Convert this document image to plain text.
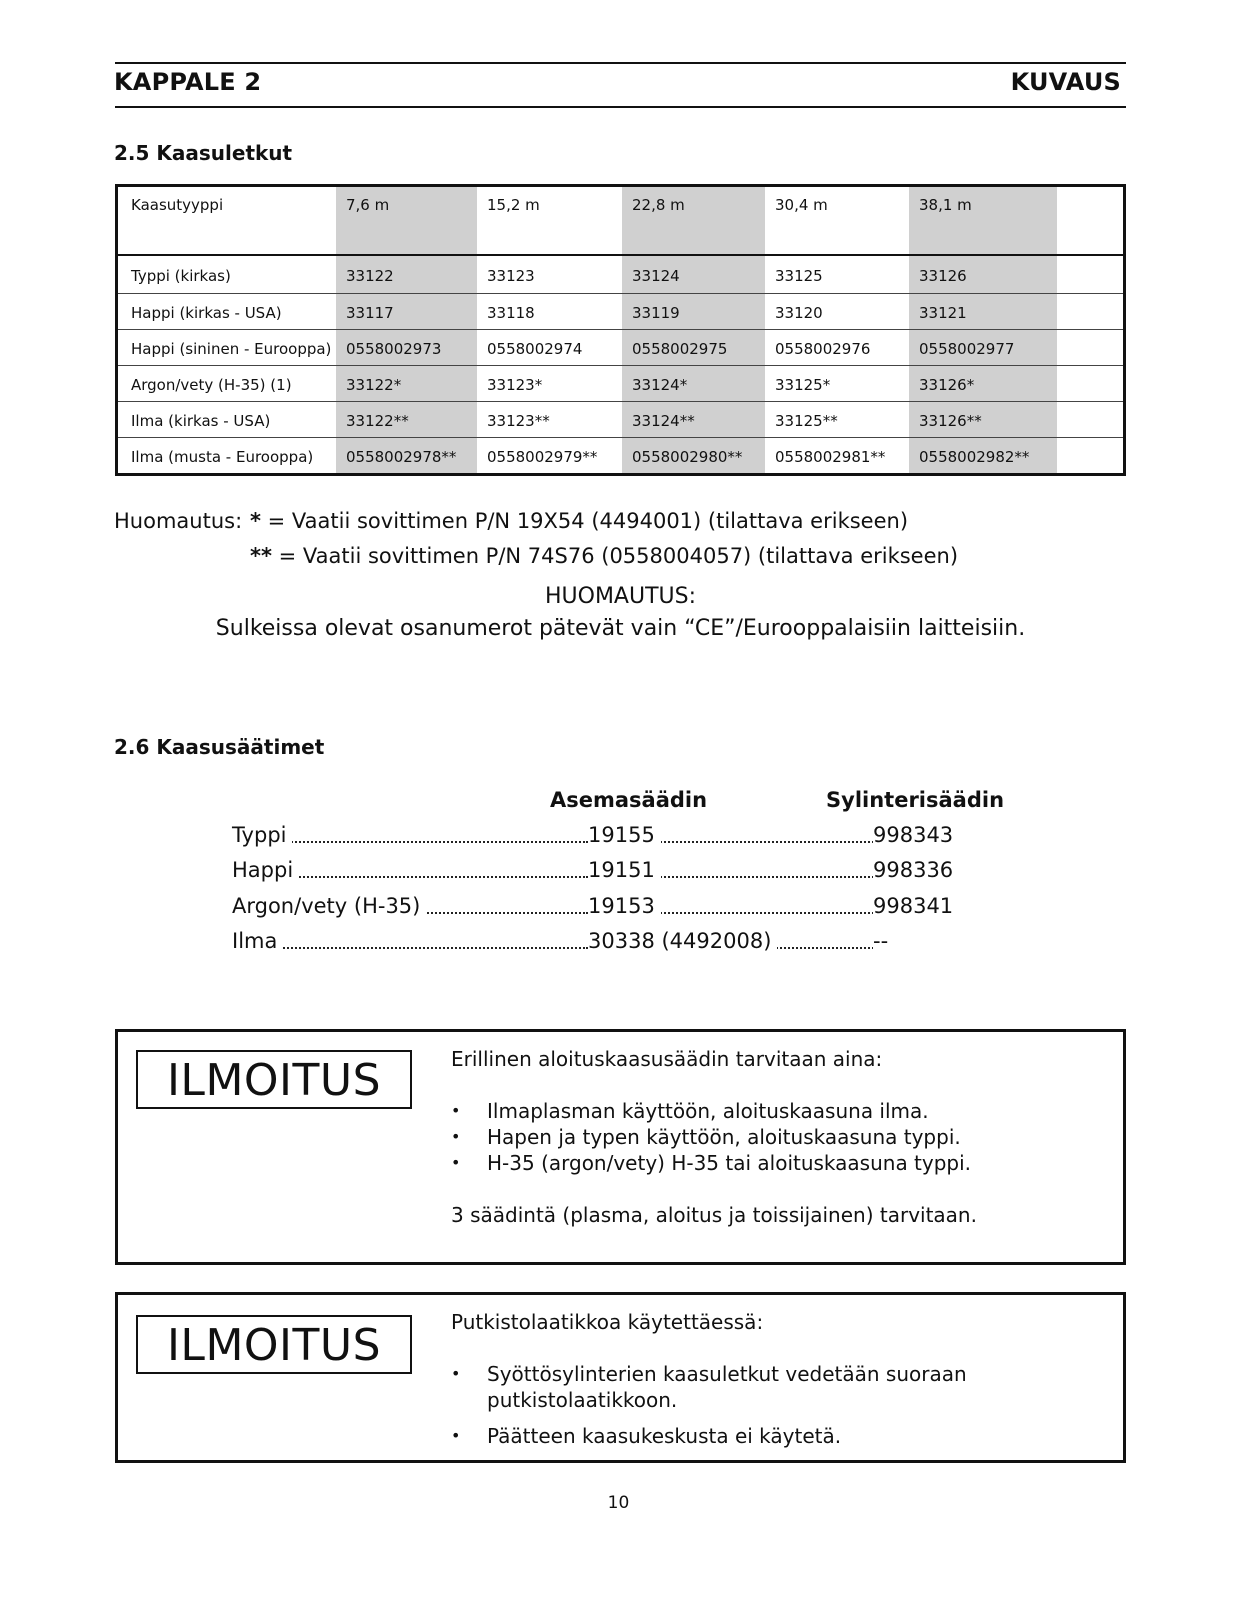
KAPPALE 2	KUVAUS
2.5 Kaasuletkut
Kaasutyyppi	7,6 m	15,2 m	22,8 m	30,4 m	38,1 m
Typpi (kirkas)	33122	33123	33124	33125	33126
Happi (kirkas - USA)	33117	33118	33119	33120	33121
Happi (sininen - Eurooppa) 0558002973	0558002974	0558002975	0558002976	0558002977
Argon/vety (H-35) (1)	33122*	33123*	33124*	33125*	33126*
Ilma (kirkas - USA)	33122**	33123**	33124**	33125**	33126**
Ilma (musta - Eurooppa)	0558002978**	0558002979**	0558002980**	0558002981**	0558002982**
Huomautus: * = Vaatii sovittimen P/N 19X54 (4494001) (tilattava erikseen)
** = Vaatii sovittimen P/N 74S76 (0558004057) (tilattava erikseen)
HUOMAUTUS:
Sulkeissa olevat osanumerot pätevät vain “CE”/Eurooppalaisiin laitteisiin.
2.6 Kaasusäätimet
Asemasäädin	Sylinterisäädin
Typpi	19155	998343
Happi	19151	998336
Argon/vety (H-35)	19153	998341
Ilma	30338 (4492008)	--
ILMOITUS	Erillinen aloituskaasusäädin tarvitaan aina:
• Ilmaplasman käyttöön, aloituskaasuna ilma.
• Hapen ja typen käyttöön, aloituskaasuna typpi.
• H-35 (argon/vety) H-35 tai aloituskaasuna typpi.
3 säädintä (plasma, aloitus ja toissijainen) tarvitaan.
ILMOITUS	Putkistolaatikkoa käytettäessä:
• Syöttösylinterien kaasuletkut vedetään suoraan putkistolaatikkoon.
• Päätteen kaasukeskusta ei käytetä.
10
